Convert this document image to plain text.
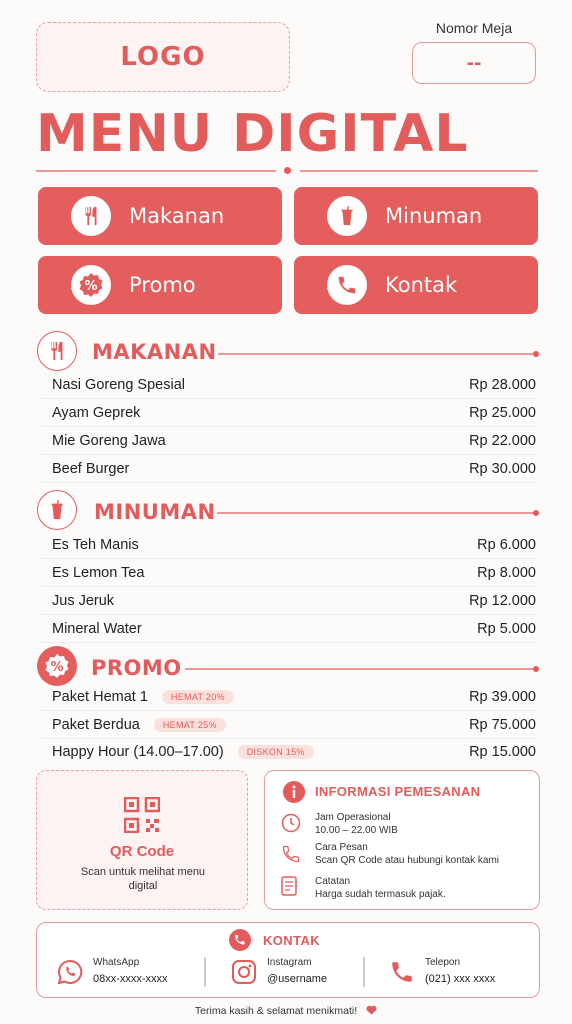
LOGO
Nomor Meja
--
MENU DIGITAL
Makanan	Minuman
% Promo	Kontak
MAKANAN
Nasi Goreng Spesial	Rp 28.000
Ayam Geprek	Rp 25.000
Mie Goreng Jawa	Rp 22.000
Beef Burger	Rp 30.000
MINUMAN
Es Teh Manis	Rp 6.000
Es Lemon Tea	Rp 8.000
Jus Jeruk	Rp 12.000
Mineral Water	Rp 5.000
% PROMO
Paket Hemat 1	HEMAT 20%	Rp 39.000
Paket Berdua	HEMAT 25%	Rp 75.000
Happy Hour (14.00–17.00)	DISKON 15%	Rp 15.000
QR Code
Scan untuk melihat menu digital
INFORMASI PEMESANAN
Jam Operasional
10.00 – 22.00 WIB
Cara Pesan
Scan QR Code atau hubungi kontak kami
Catatan
Harga sudah termasuk pajak.
KONTAK
WhatsApp
08xx-xxxx-xxxx
Instagram
@username
Telepon
(021) xxx xxxx
Terima kasih & selamat menikmati!
